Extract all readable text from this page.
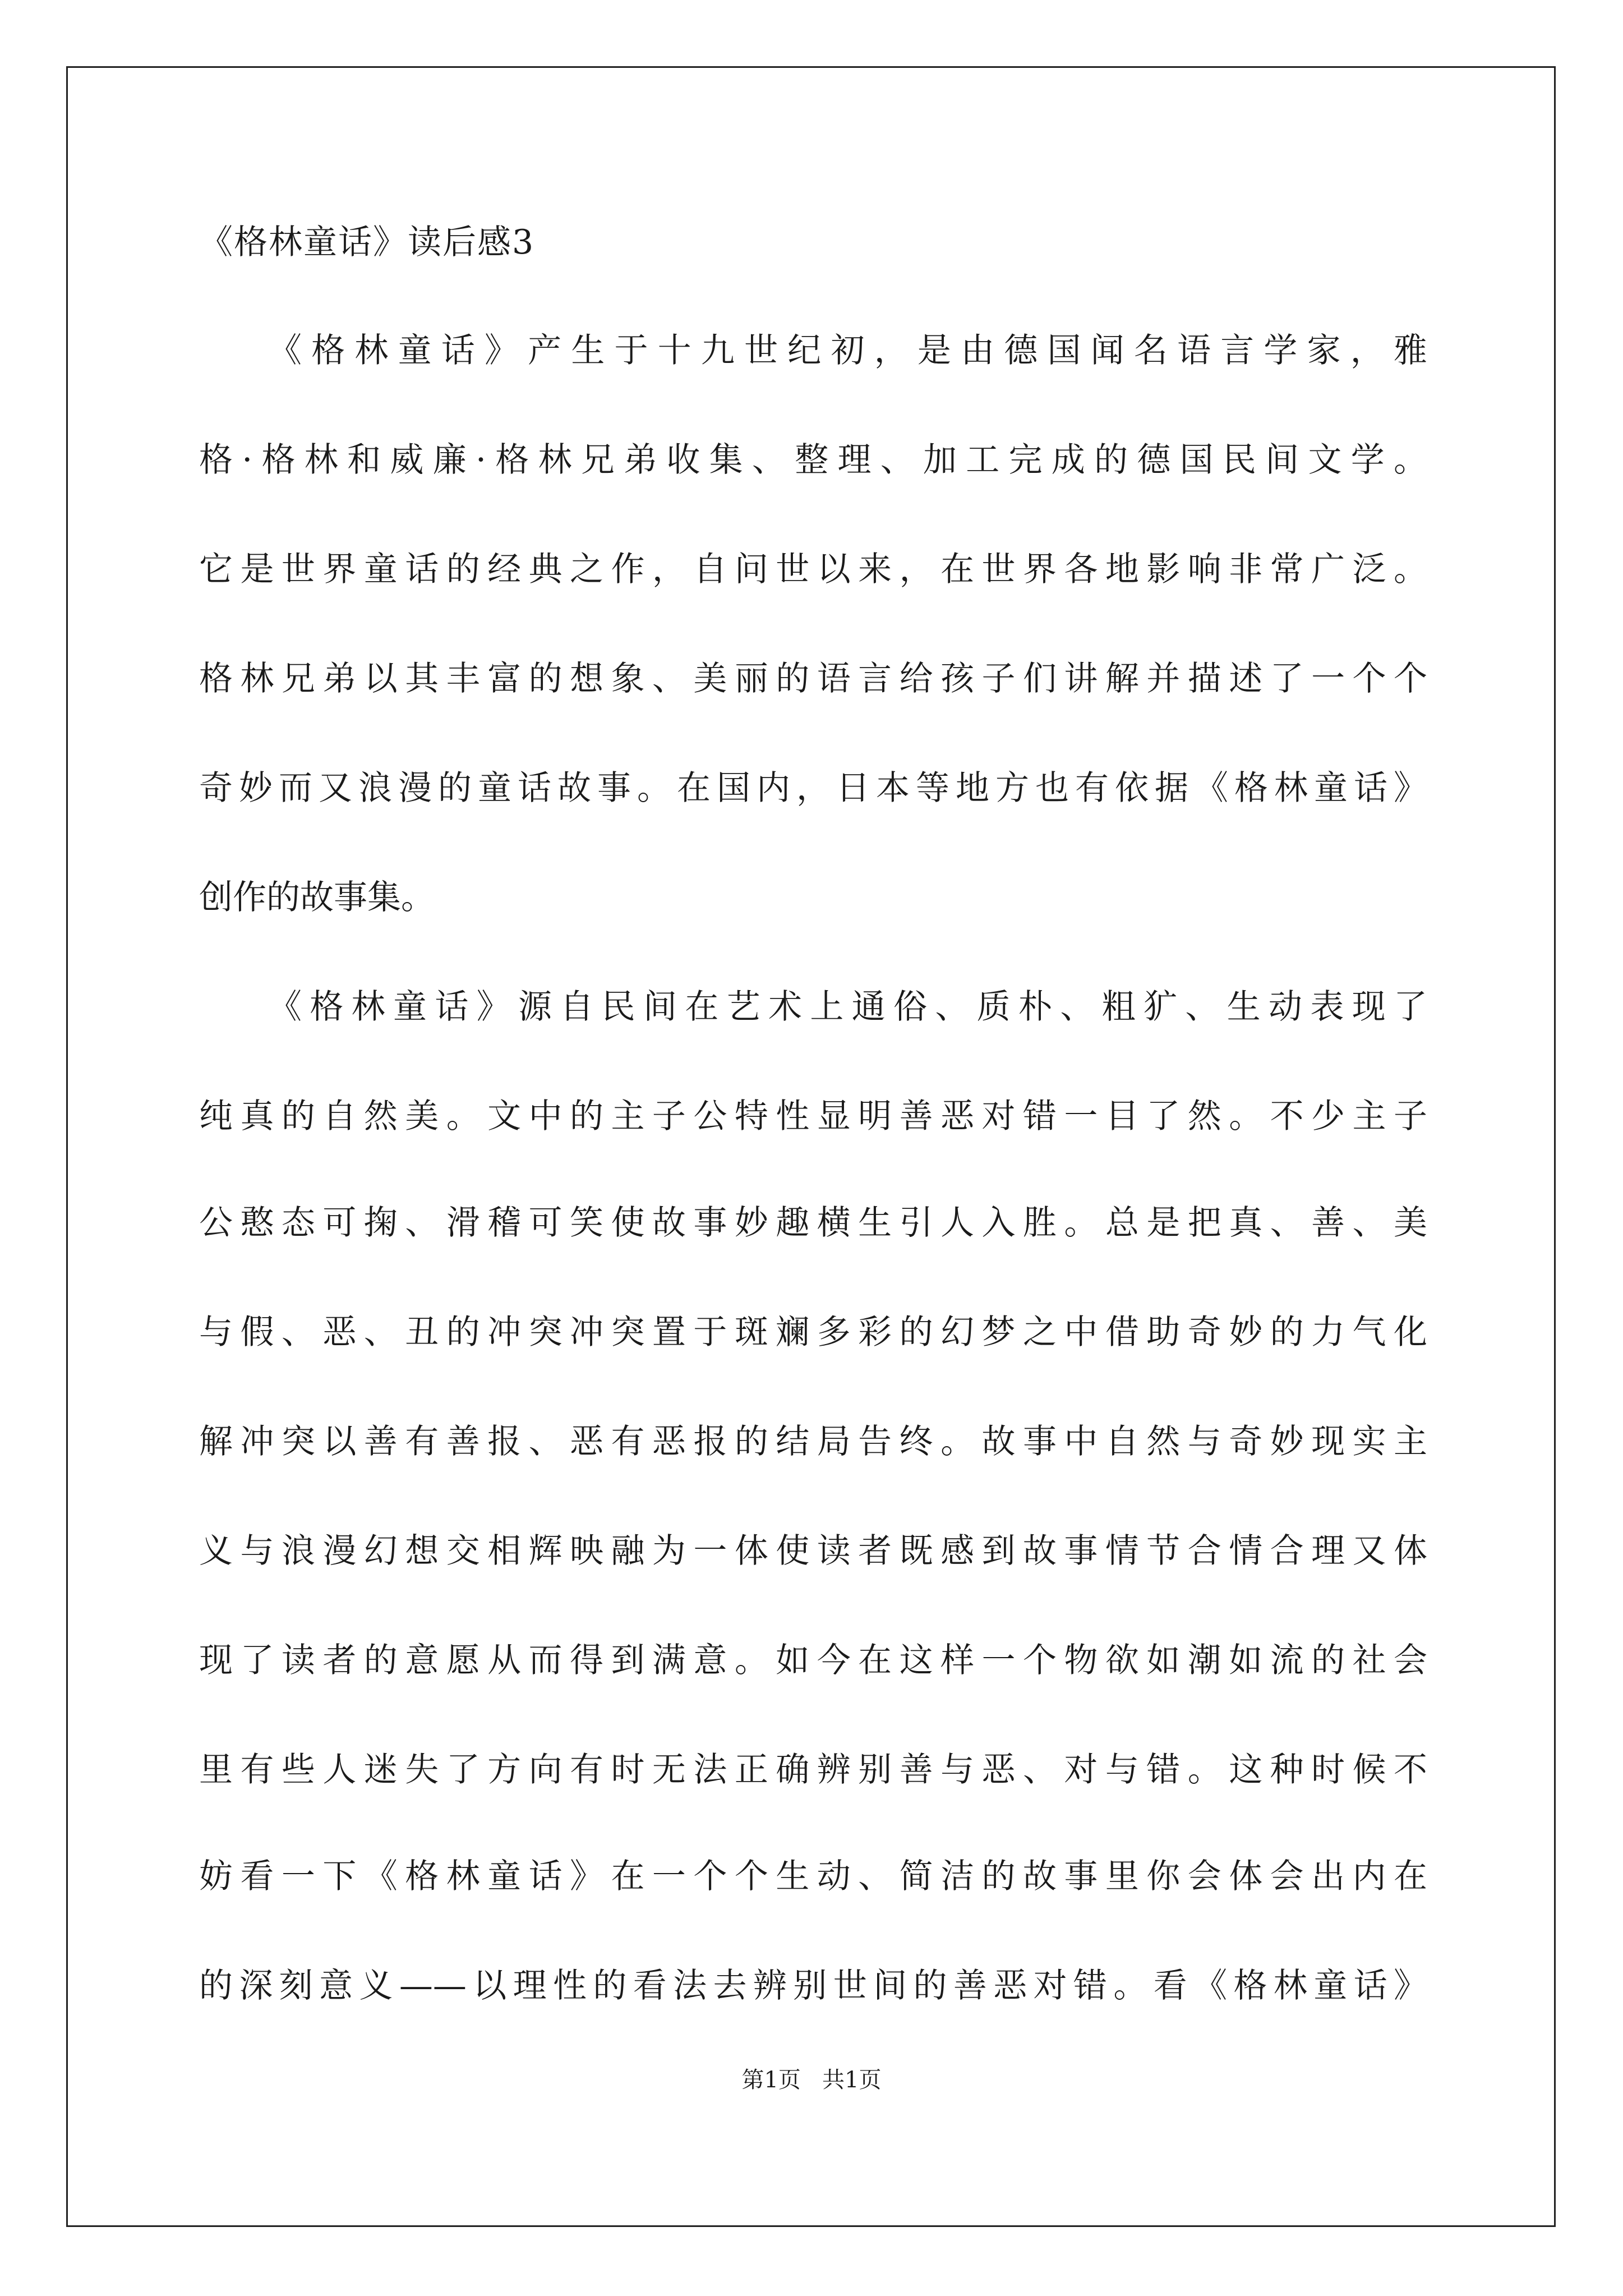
《格林童话》读后感3
《格林童话》产生于十九世纪初，是由德国闻名语言学家，雅
格·格林和威廉·格林兄弟收集、整理、加工完成的德国民间文学。
它是世界童话的经典之作，自问世以来，在世界各地影响非常广泛。
格林兄弟以其丰富的想象、美丽的语言给孩子们讲解并描述了一个个
奇妙而又浪漫的童话故事。在国内，日本等地方也有依据《格林童话》
创作的故事集。
《格林童话》源自民间在艺术上通俗、质朴、粗犷、生动表现了
纯真的自然美。文中的主子公特性显明善恶对错一目了然。不少主子
公憨态可掬、滑稽可笑使故事妙趣横生引人入胜。总是把真、善、美
与假、恶、丑的冲突冲突置于斑斓多彩的幻梦之中借助奇妙的力气化
解冲突以善有善报、恶有恶报的结局告终。故事中自然与奇妙现实主
义与浪漫幻想交相辉映融为一体使读者既感到故事情节合情合理又体
现了读者的意愿从而得到满意。如今在这样一个物欲如潮如流的社会
里有些人迷失了方向有时无法正确辨别善与恶、对与错。这种时候不
妨看一下《格林童话》在一个个生动、简洁的故事里你会体会出内在
的深刻意义——以理性的看法去辨别世间的善恶对错。看《格林童话》
第1页   共1页
